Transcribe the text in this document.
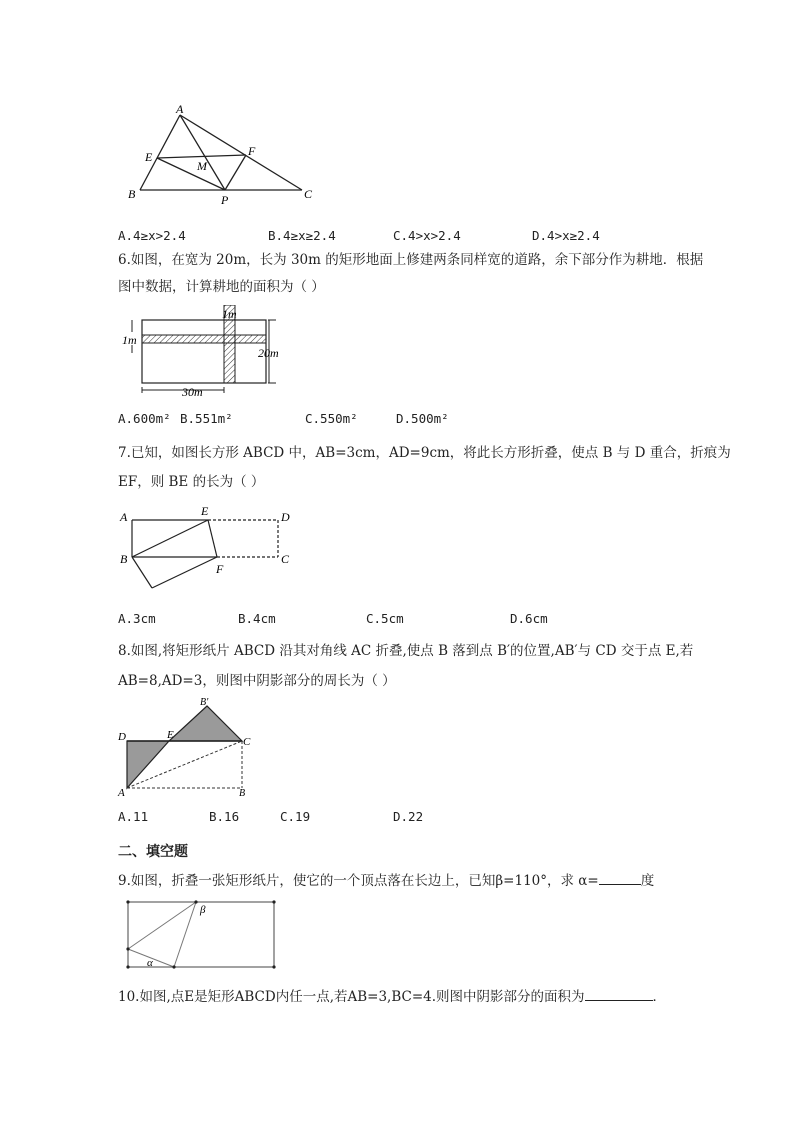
A
E	F
M
B	P	C
A.4≥x>2.4	B.4≥x≥2.4	C.4>x>2.4	D.4>x≥2.4
6.如图，在宽为 20m，长为 30m 的矩形地面上修建两条同样宽的道路，余下部分作为耕地．根据
图中数据，计算耕地的面积为（ ）
1m
1m
20m
30m
A.600m² B.551m²	C.550m²	D.500m²
7.已知，如图长方形 ABCD 中，AB=3cm，AD=9cm，将此长方形折叠，使点 B 与 D 重合，折痕为
EF，则 BE 的长为（ ）
A	E	D
B
F
C
A.3cm	B.4cm	C.5cm	D.6cm
8.如图,将矩形纸片 ABCD 沿其对角线 AC 折叠,使点 B 落到点 B′的位置,AB′与 CD 交于点 E,若
AB=8,AD=3，则图中阴影部分的周长为（ ）
B'
D	E
C
A	B
A.11	B.16	C.19	D.22
二、填空题
9.如图，折叠一张矩形纸片，使它的一个顶点落在长边上，已知β=110°，求 α=	度
β
α
10.如图,点E是矩形ABCD内任一点,若AB=3,BC=4.则图中阴影部分的面积为	．
